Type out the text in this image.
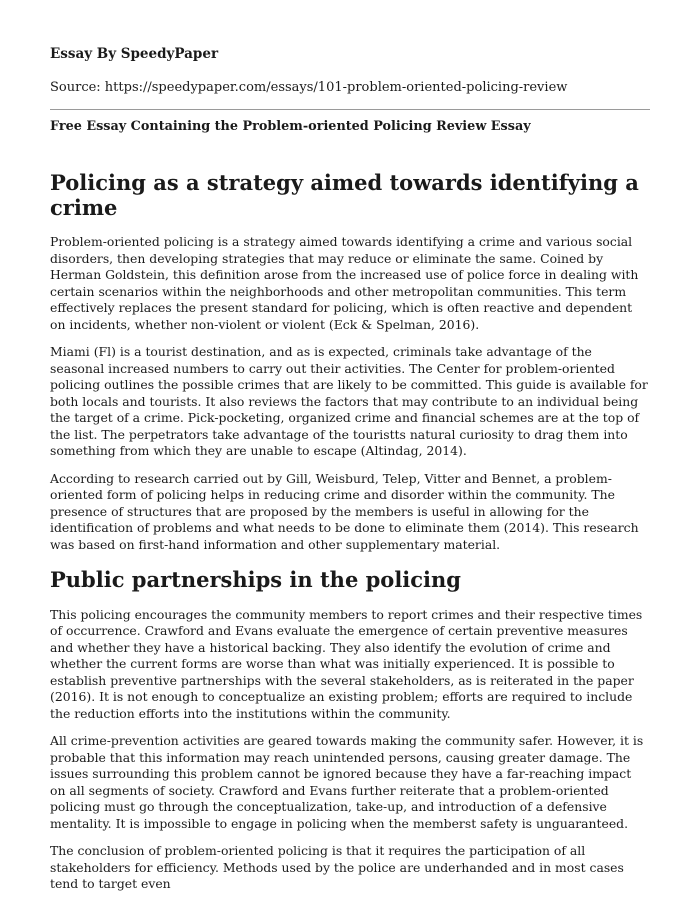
Essay By SpeedyPaper
Source: https://speedypaper.com/essays/101-problem-oriented-policing-review
Free Essay Containing the Problem-oriented Policing Review Essay
Policing as a strategy aimed towards identifying a crime

Problem-oriented policing is a strategy aimed towards identifying a crime and various social disorders, then developing strategies that may reduce or eliminate the same. Coined by Herman Goldstein, this definition arose from the increased use of police force in dealing with certain scenarios within the neighborhoods and other metropolitan communities. This term effectively replaces the present standard for policing, which is often reactive and dependent on incidents, whether non-violent or violent (Eck & Spelman, 2016).

Miami (Fl) is a tourist destination, and as is expected, criminals take advantage of the seasonal increased numbers to carry out their activities. The Center for problem-oriented policing outlines the possible crimes that are likely to be committed. This guide is available for both locals and tourists. It also reviews the factors that may contribute to an individual being the target of a crime. Pick-pocketing, organized crime and financial schemes are at the top of the list. The perpetrators take advantage of the touristts natural curiosity to drag them into something from which they are unable to escape (Altindag, 2014).

According to research carried out by Gill, Weisburd, Telep, Vitter and Bennet, a problem-oriented form of policing helps in reducing crime and disorder within the community. The presence of structures that are proposed by the members is useful in allowing for the identification of problems and what needs to be done to eliminate them (2014). This research was based on first-hand information and other supplementary material.

Public partnerships in the policing

This policing encourages the community members to report crimes and their respective times of occurrence. Crawford and Evans evaluate the emergence of certain preventive measures and whether they have a historical backing. They also identify the evolution of crime and whether the current forms are worse than what was initially experienced. It is possible to establish preventive partnerships with the several stakeholders, as is reiterated in the paper (2016). It is not enough to conceptualize an existing problem; efforts are required to include the reduction efforts into the institutions within the community.

All crime-prevention activities are geared towards making the community safer. However, it is probable that this information may reach unintended persons, causing greater damage. The issues surrounding this problem cannot be ignored because they have a far-reaching impact on all segments of society. Crawford and Evans further reiterate that a problem-oriented policing must go through the conceptualization, take-up, and introduction of a defensive mentality. It is impossible to engage in policing when the memberst safety is unguaranteed.

The conclusion of problem-oriented policing is that it requires the participation of all stakeholders for efficiency. Methods used by the police are underhanded and in most cases tend to target even
